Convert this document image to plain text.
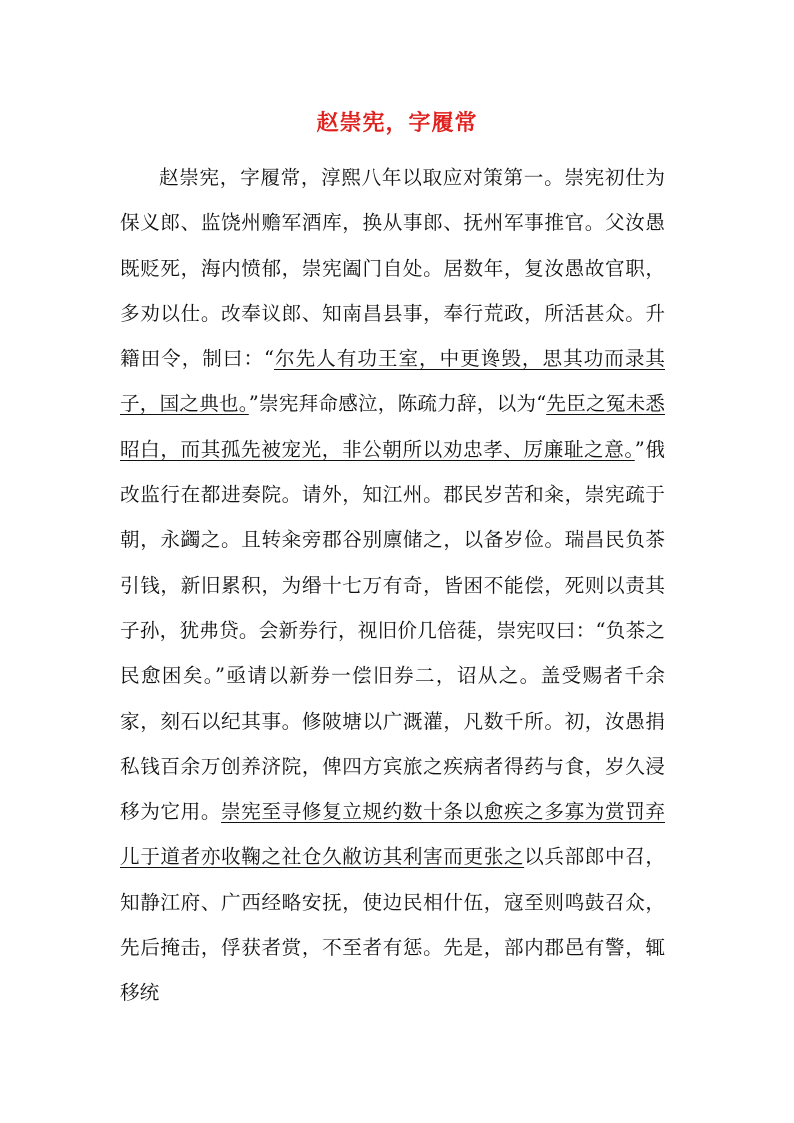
赵崇宪，字履常

赵崇宪，字履常，淳熙八年以取应对策第一。崇宪初仕为保义郎、监饶州赡军酒库，换从事郎、抚州军事推官。父汝愚既贬死，海内愤郁，崇宪阖门自处。居数年，复汝愚故官职，多劝以仕。改奉议郎、知南昌县事，奉行荒政，所活甚众。升籍田令，制曰：“尔先人有功王室，中更谗毁，思其功而录其子，国之典也。”崇宪拜命感泣，陈疏力辞，以为“先臣之冤未悉昭白，而其孤先被宠光，非公朝所以劝忠孝、厉廉耻之意。”俄改监行在都进奏院。请外，知江州。郡民岁苦和籴，崇宪疏于朝，永蠲之。且转籴旁郡谷别廪储之，以备岁俭。瑞昌民负茶引钱，新旧累积，为缗十七万有奇，皆困不能偿，死则以责其子孙，犹弗贷。会新券行，视旧价几倍蓰，崇宪叹曰：“负茶之民愈困矣。”亟请以新券一偿旧券二，诏从之。盖受赐者千余家，刻石以纪其事。修陂塘以广溉灌，凡数千所。初，汝愚捐私钱百余万创养济院，俾四方宾旅之疾病者得药与食，岁久浸移为它用。崇宪至寻修复立规约数十条以愈疾之多寡为赏罚弃儿于道者亦收鞠之社仓久敝访其利害而更张之以兵部郎中召，知静江府、广西经略安抚，使边民相什伍，寇至则鸣鼓召众，先后掩击，俘获者赏，不至者有惩。先是，部内郡邑有警，辄移统
